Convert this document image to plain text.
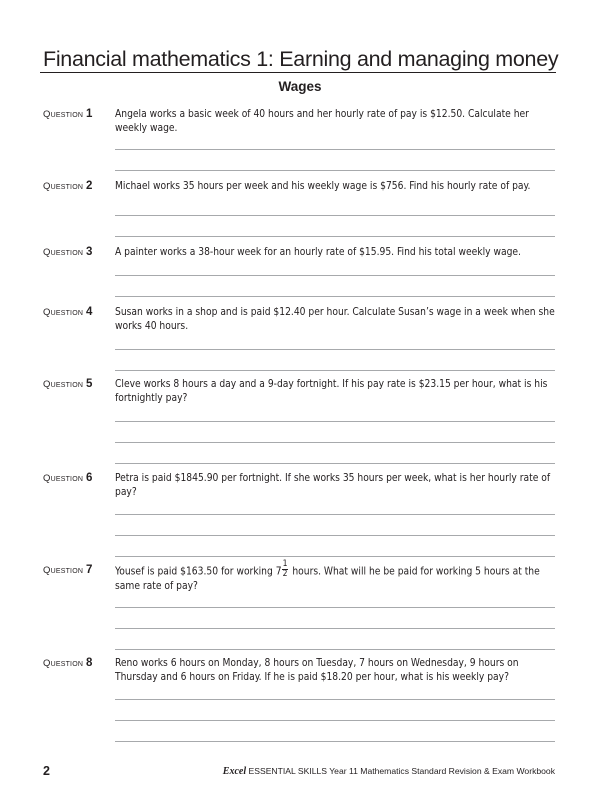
Financial mathematics 1: Earning and managing money
Wages
Question 1 Angela works a basic week of 40 hours and her hourly rate of pay is $12.50. Calculate her weekly wage.
Question 2 Michael works 35 hours per week and his weekly wage is $756. Find his hourly rate of pay.
Question 3 A painter works a 38-hour week for an hourly rate of $15.95. Find his total weekly wage.
Question 4 Susan works in a shop and is paid $12.40 per hour. Calculate Susan’s wage in a week when she works 40 hours.
Question 5 Cleve works 8 hours a day and a 9-day fortnight. If his pay rate is $23.15 per hour, what is his fortnightly pay?
Question 6 Petra is paid $1845.90 per fortnight. If she works 35 hours per week, what is her hourly rate of pay?
Question 7 Yousef is paid $163.50 for working $7 \frac{1}{2}$ hours. What will he be paid for working 5 hours at the same rate of pay?
Question 8 Reno works 6 hours on Monday, 8 hours on Tuesday, 7 hours on Wednesday, 9 hours on Thursday and 6 hours on Friday. If he is paid $18.20 per hour, what is his weekly pay?
2	Excel ESSENTIAL SKILLS Year 11 Mathematics Standard Revision & Exam Workbook
